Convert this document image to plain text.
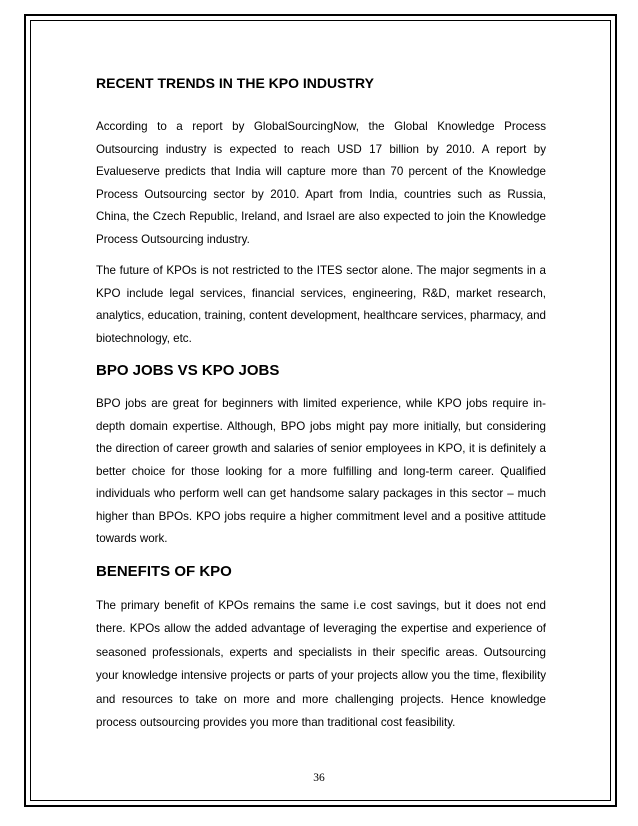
RECENT TRENDS IN THE KPO INDUSTRY

According to a report by GlobalSourcingNow, the Global Knowledge Process Outsourcing industry is expected to reach USD 17 billion by 2010. A report by Evalueserve predicts that India will capture more than 70 percent of the Knowledge Process Outsourcing sector by 2010. Apart from India, countries such as Russia, China, the Czech Republic, Ireland, and Israel are also expected to join the Knowledge Process Outsourcing industry.

The future of KPOs is not restricted to the ITES sector alone. The major segments in a KPO include legal services, financial services, engineering, R&D, market research, analytics, education, training, content development, healthcare services, pharmacy, and biotechnology, etc.

BPO JOBS VS KPO JOBS

BPO jobs are great for beginners with limited experience, while KPO jobs require in-depth domain expertise. Although, BPO jobs might pay more initially, but considering the direction of career growth and salaries of senior employees in KPO, it is definitely a better choice for those looking for a more fulfilling and long-term career. Qualified individuals who perform well can get handsome salary packages in this sector – much higher than BPOs. KPO jobs require a higher commitment level and a positive attitude towards work.

BENEFITS OF KPO

The primary benefit of KPOs remains the same i.e cost savings, but it does not end there. KPOs allow the added advantage of leveraging the expertise and experience of seasoned professionals, experts and specialists in their specific areas. Outsourcing your knowledge intensive projects or parts of your projects allow you the time, flexibility and resources to take on more and more challenging projects. Hence knowledge process outsourcing provides you more than traditional cost feasibility.

36
